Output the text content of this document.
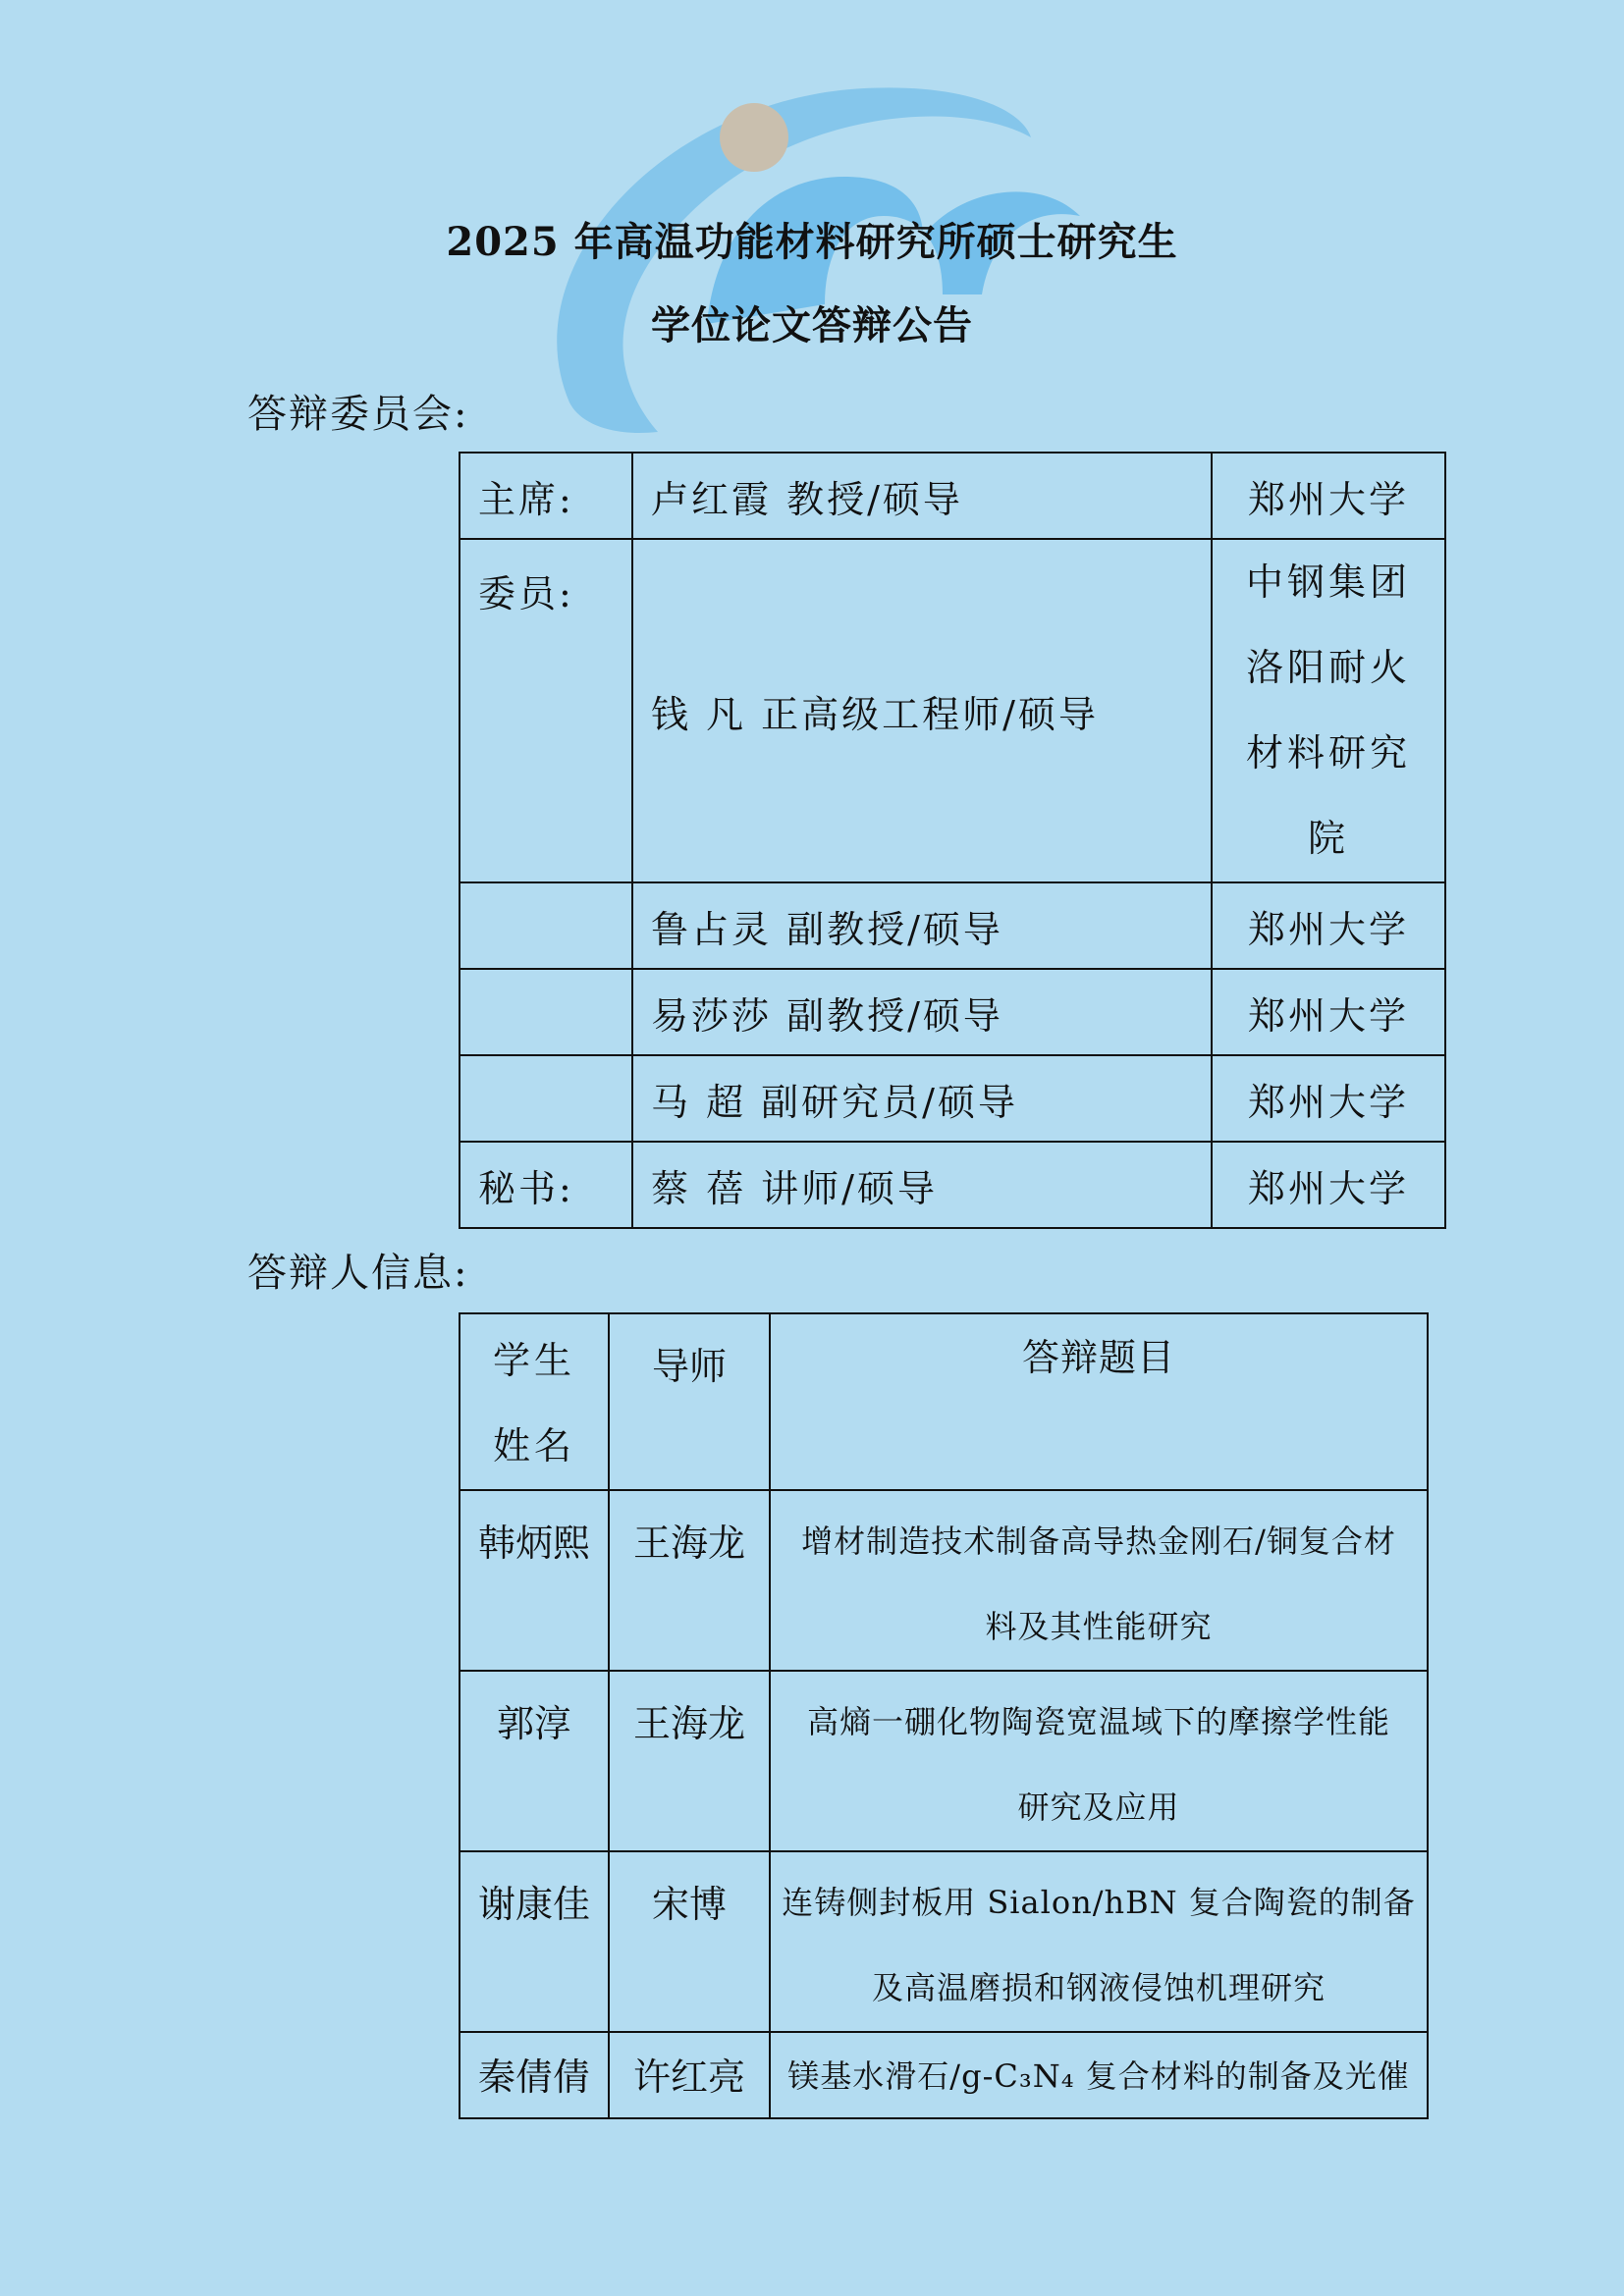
2025 年高温功能材料研究所硕士研究生
学位论文答辩公告
答辩委员会:
主席:	卢红霞 教授/硕导	郑州大学
委员:	钱 凡 正高级工程师/硕导	中钢集团
洛阳耐火
材料研究
院

	鲁占灵 副教授/硕导	郑州大学
	易莎莎 副教授/硕导	郑州大学
	马 超 副研究员/硕导	郑州大学
秘书:	蔡 蓓 讲师/硕导	郑州大学
答辩人信息:
学生
姓名	导师	答辩题目
韩炳熙	王海龙	增材制造技术制备高导热金刚石/铜复合材
料及其性能研究

郭淳	王海龙	高熵一硼化物陶瓷宽温域下的摩擦学性能
研究及应用

谢康佳	宋博	连铸侧封板用 Sialon/hBN 复合陶瓷的制备
及高温磨损和钢液侵蚀机理研究

秦倩倩	许红亮	镁基水滑石/g-C₃N₄ 复合材料的制备及光催
